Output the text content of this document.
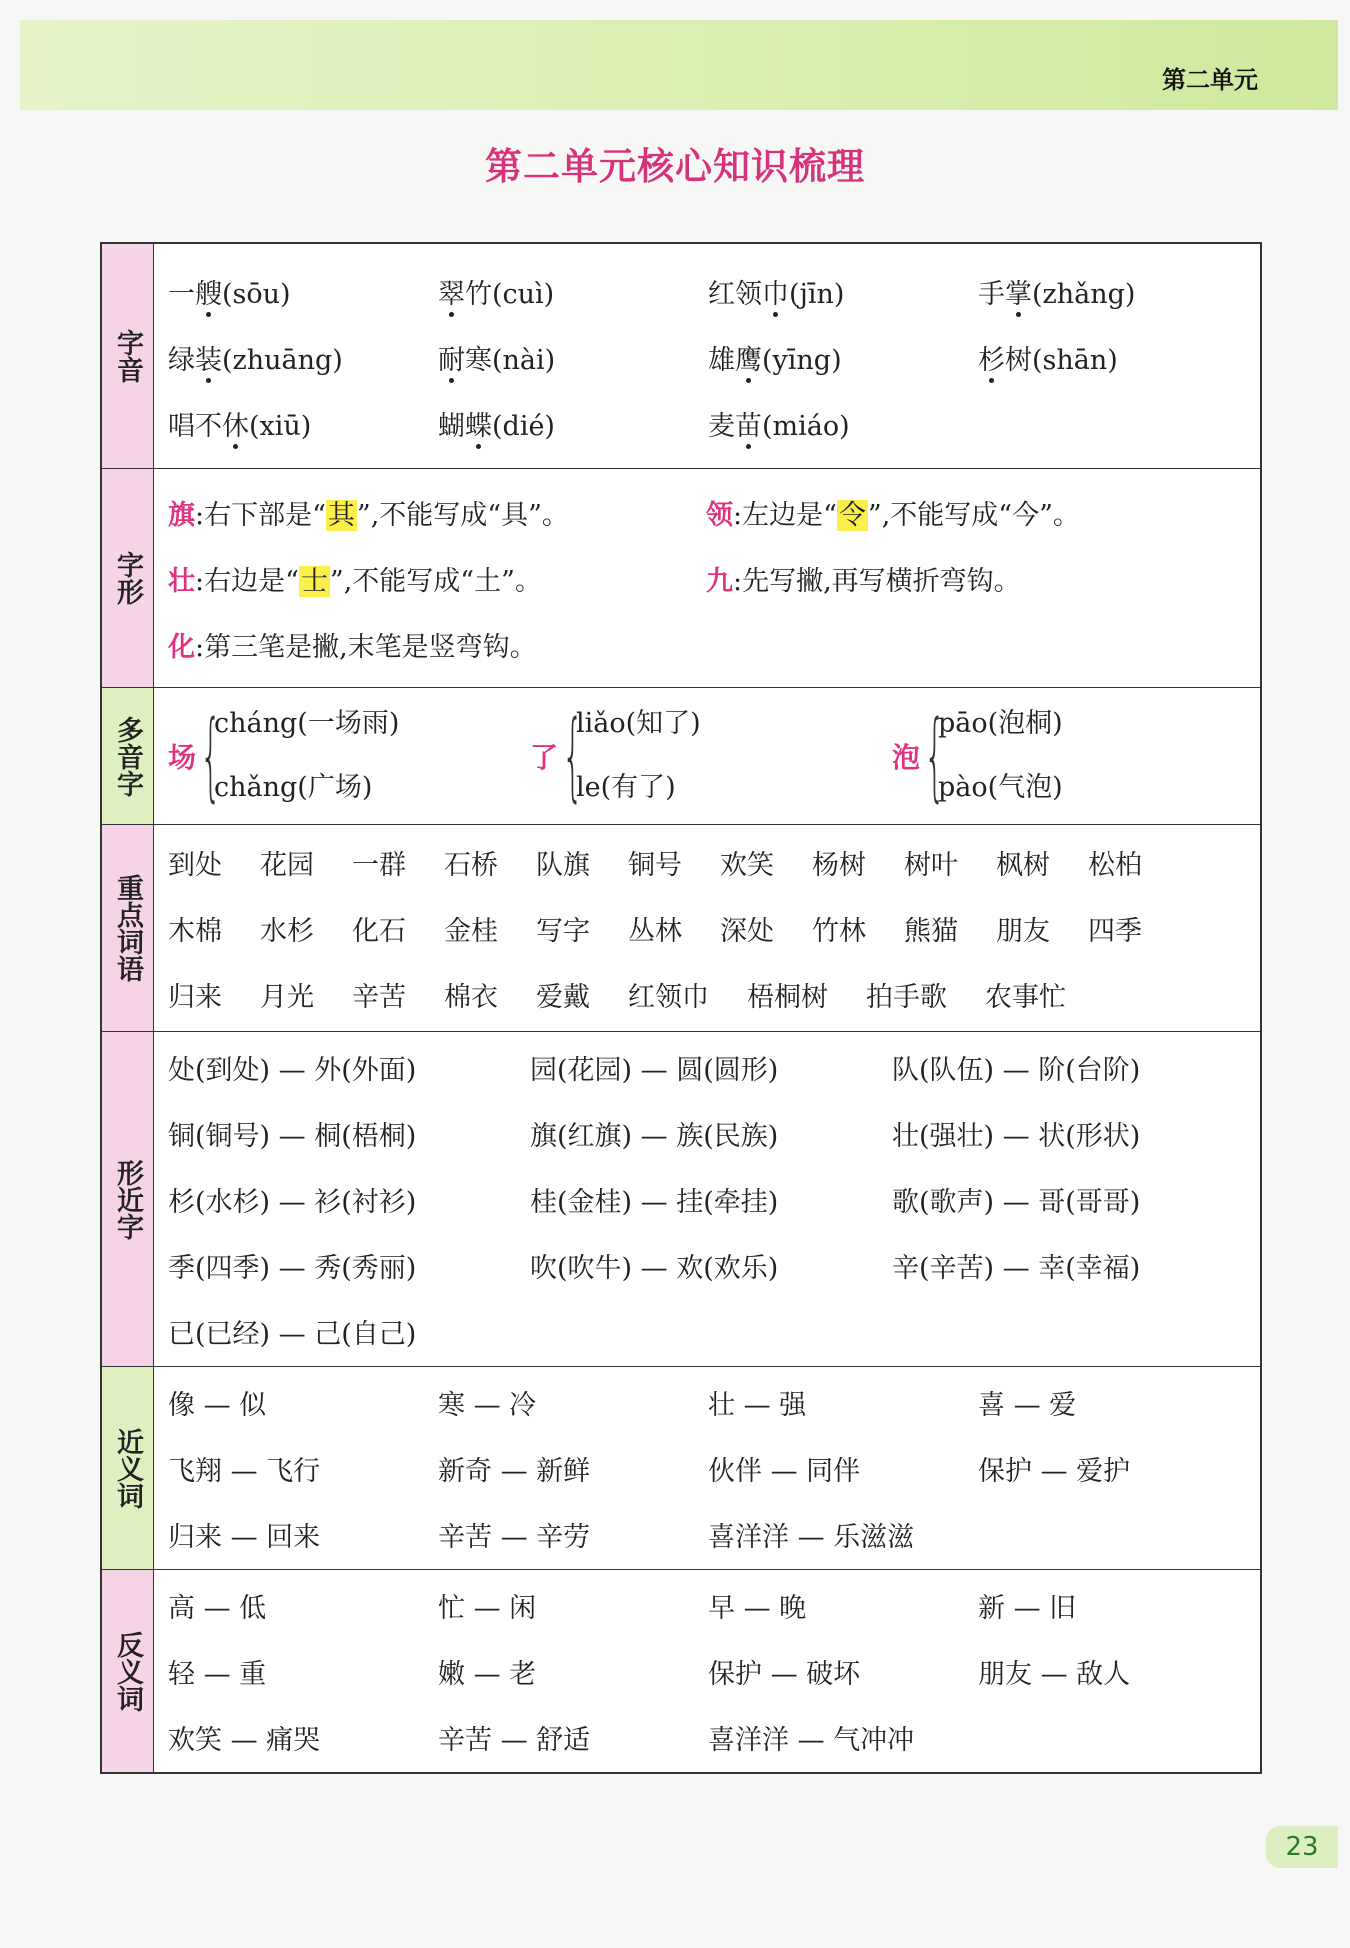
第二单元
第二单元核心知识梳理
字音
一艘(sōu)	翠竹(cuì)	红领巾(jīn)	手掌(zhǎng)
绿装(zhuāng)	耐寒(nài)	雄鹰(yīng)	杉树(shān)
唱不休(xiū)	蝴蝶(dié)	麦苗(miáo)
字形
旗:右下部是“其”,不能写成“具”。	领:左边是“令”,不能写成“今”。
壮:右边是“士”,不能写成“土”。	九:先写撇,再写横折弯钩。
化:第三笔是撇,末笔是竖弯钩。
多音字 场 {
cháng(一场雨)
chǎng(广场)
了 {
liǎo(知了)
le(有了)
泡 {
pāo(泡桐)
pào(气泡)
重点词语
到处 花园 一群 石桥 队旗 铜号 欢笑 杨树 树叶 枫树 松柏
木棉 水杉 化石 金桂 写字 丛林 深处 竹林 熊猫 朋友 四季
归来 月光 辛苦 棉衣 爱戴 红领巾 梧桐树 拍手歌 农事忙
形近字
处(到处) — 外(外面)	园(花园) — 圆(圆形)	队(队伍) — 阶(台阶)
铜(铜号) — 桐(梧桐)	旗(红旗) — 族(民族)	壮(强壮) — 状(形状)
杉(水杉) — 衫(衬衫)	桂(金桂) — 挂(牵挂)	歌(歌声) — 哥(哥哥)
季(四季) — 秀(秀丽)	吹(吹牛) — 欢(欢乐)	辛(辛苦) — 幸(幸福)
已(已经) — 己(自己)
近义词
像 — 似	寒 — 冷	壮 — 强	喜 — 爱
飞翔 — 飞行	新奇 — 新鲜	伙伴 — 同伴	保护 — 爱护
归来 — 回来	辛苦 — 辛劳	喜洋洋 — 乐滋滋
反义词
高 — 低	忙 — 闲	早 — 晚	新 — 旧
轻 — 重	嫩 — 老	保护 — 破坏	朋友 — 敌人
欢笑 — 痛哭	辛苦 — 舒适	喜洋洋 — 气冲冲
23
